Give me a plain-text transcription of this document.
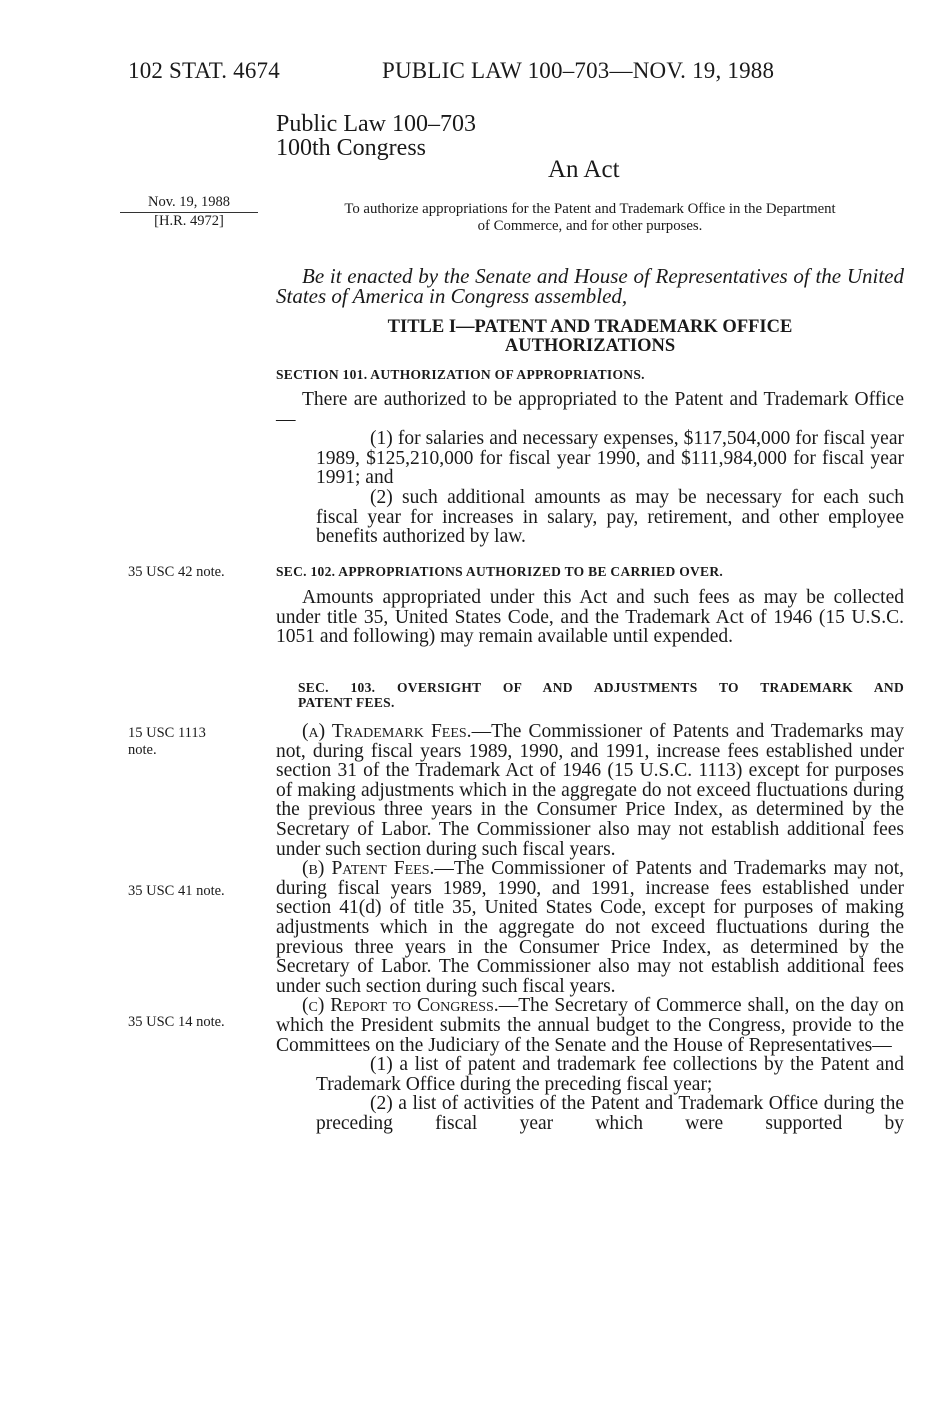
102 STAT. 4674	PUBLIC LAW 100–703—NOV. 19, 1988
Public Law 100–703
100th Congress
An Act
Nov. 19, 1988
[H.R. 4972]
To authorize appropriations for the Patent and Trademark Office in the Department
of Commerce, and for other purposes.
Be it enacted by the Senate and House of Representatives of the United States of America in Congress assembled,
TITLE I—PATENT AND TRADEMARK OFFICE
AUTHORIZATIONS
SECTION 101. AUTHORIZATION OF APPROPRIATIONS.
There are authorized to be appropriated to the Patent and Trademark Office—
(1) for salaries and necessary expenses, $117,504,000 for fiscal year 1989, $125,210,000 for fiscal year 1990, and $111,984,000 for fiscal year 1991; and
(2) such additional amounts as may be necessary for each such fiscal year for increases in salary, pay, retirement, and other employee benefits authorized by law.
35 USC 42 note.	SEC. 102. APPROPRIATIONS AUTHORIZED TO BE CARRIED OVER.
Amounts appropriated under this Act and such fees as may be collected under title 35, United States Code, and the Trademark Act of 1946 (15 U.S.C. 1051 and following) may remain available until expended.
SEC. 103. OVERSIGHT OF AND ADJUSTMENTS TO TRADEMARK AND
PATENT FEES.
15 USC 1113
note.
35 USC 41 note.
35 USC 14 note.
(a) Trademark Fees.—The Commissioner of Patents and Trademarks may not, during fiscal years 1989, 1990, and 1991, increase fees established under section 31 of the Trademark Act of 1946 (15 U.S.C. 1113) except for purposes of making adjustments which in the aggregate do not exceed fluctuations during the previous three years in the Consumer Price Index, as determined by the Secretary of Labor. The Commissioner also may not establish additional fees under such section during such fiscal years.
(b) Patent Fees.—The Commissioner of Patents and Trademarks may not, during fiscal years 1989, 1990, and 1991, increase fees established under section 41(d) of title 35, United States Code, except for purposes of making adjustments which in the aggregate do not exceed fluctuations during the previous three years in the Consumer Price Index, as determined by the Secretary of Labor. The Commissioner also may not establish additional fees under such section during such fiscal years.
(c) Report to Congress.—The Secretary of Commerce shall, on the day on which the President submits the annual budget to the Congress, provide to the Committees on the Judiciary of the Senate and the House of Representatives—
(1) a list of patent and trademark fee collections by the Patent and Trademark Office during the preceding fiscal year;
(2) a list of activities of the Patent and Trademark Office during the preceding fiscal year which were supported by
